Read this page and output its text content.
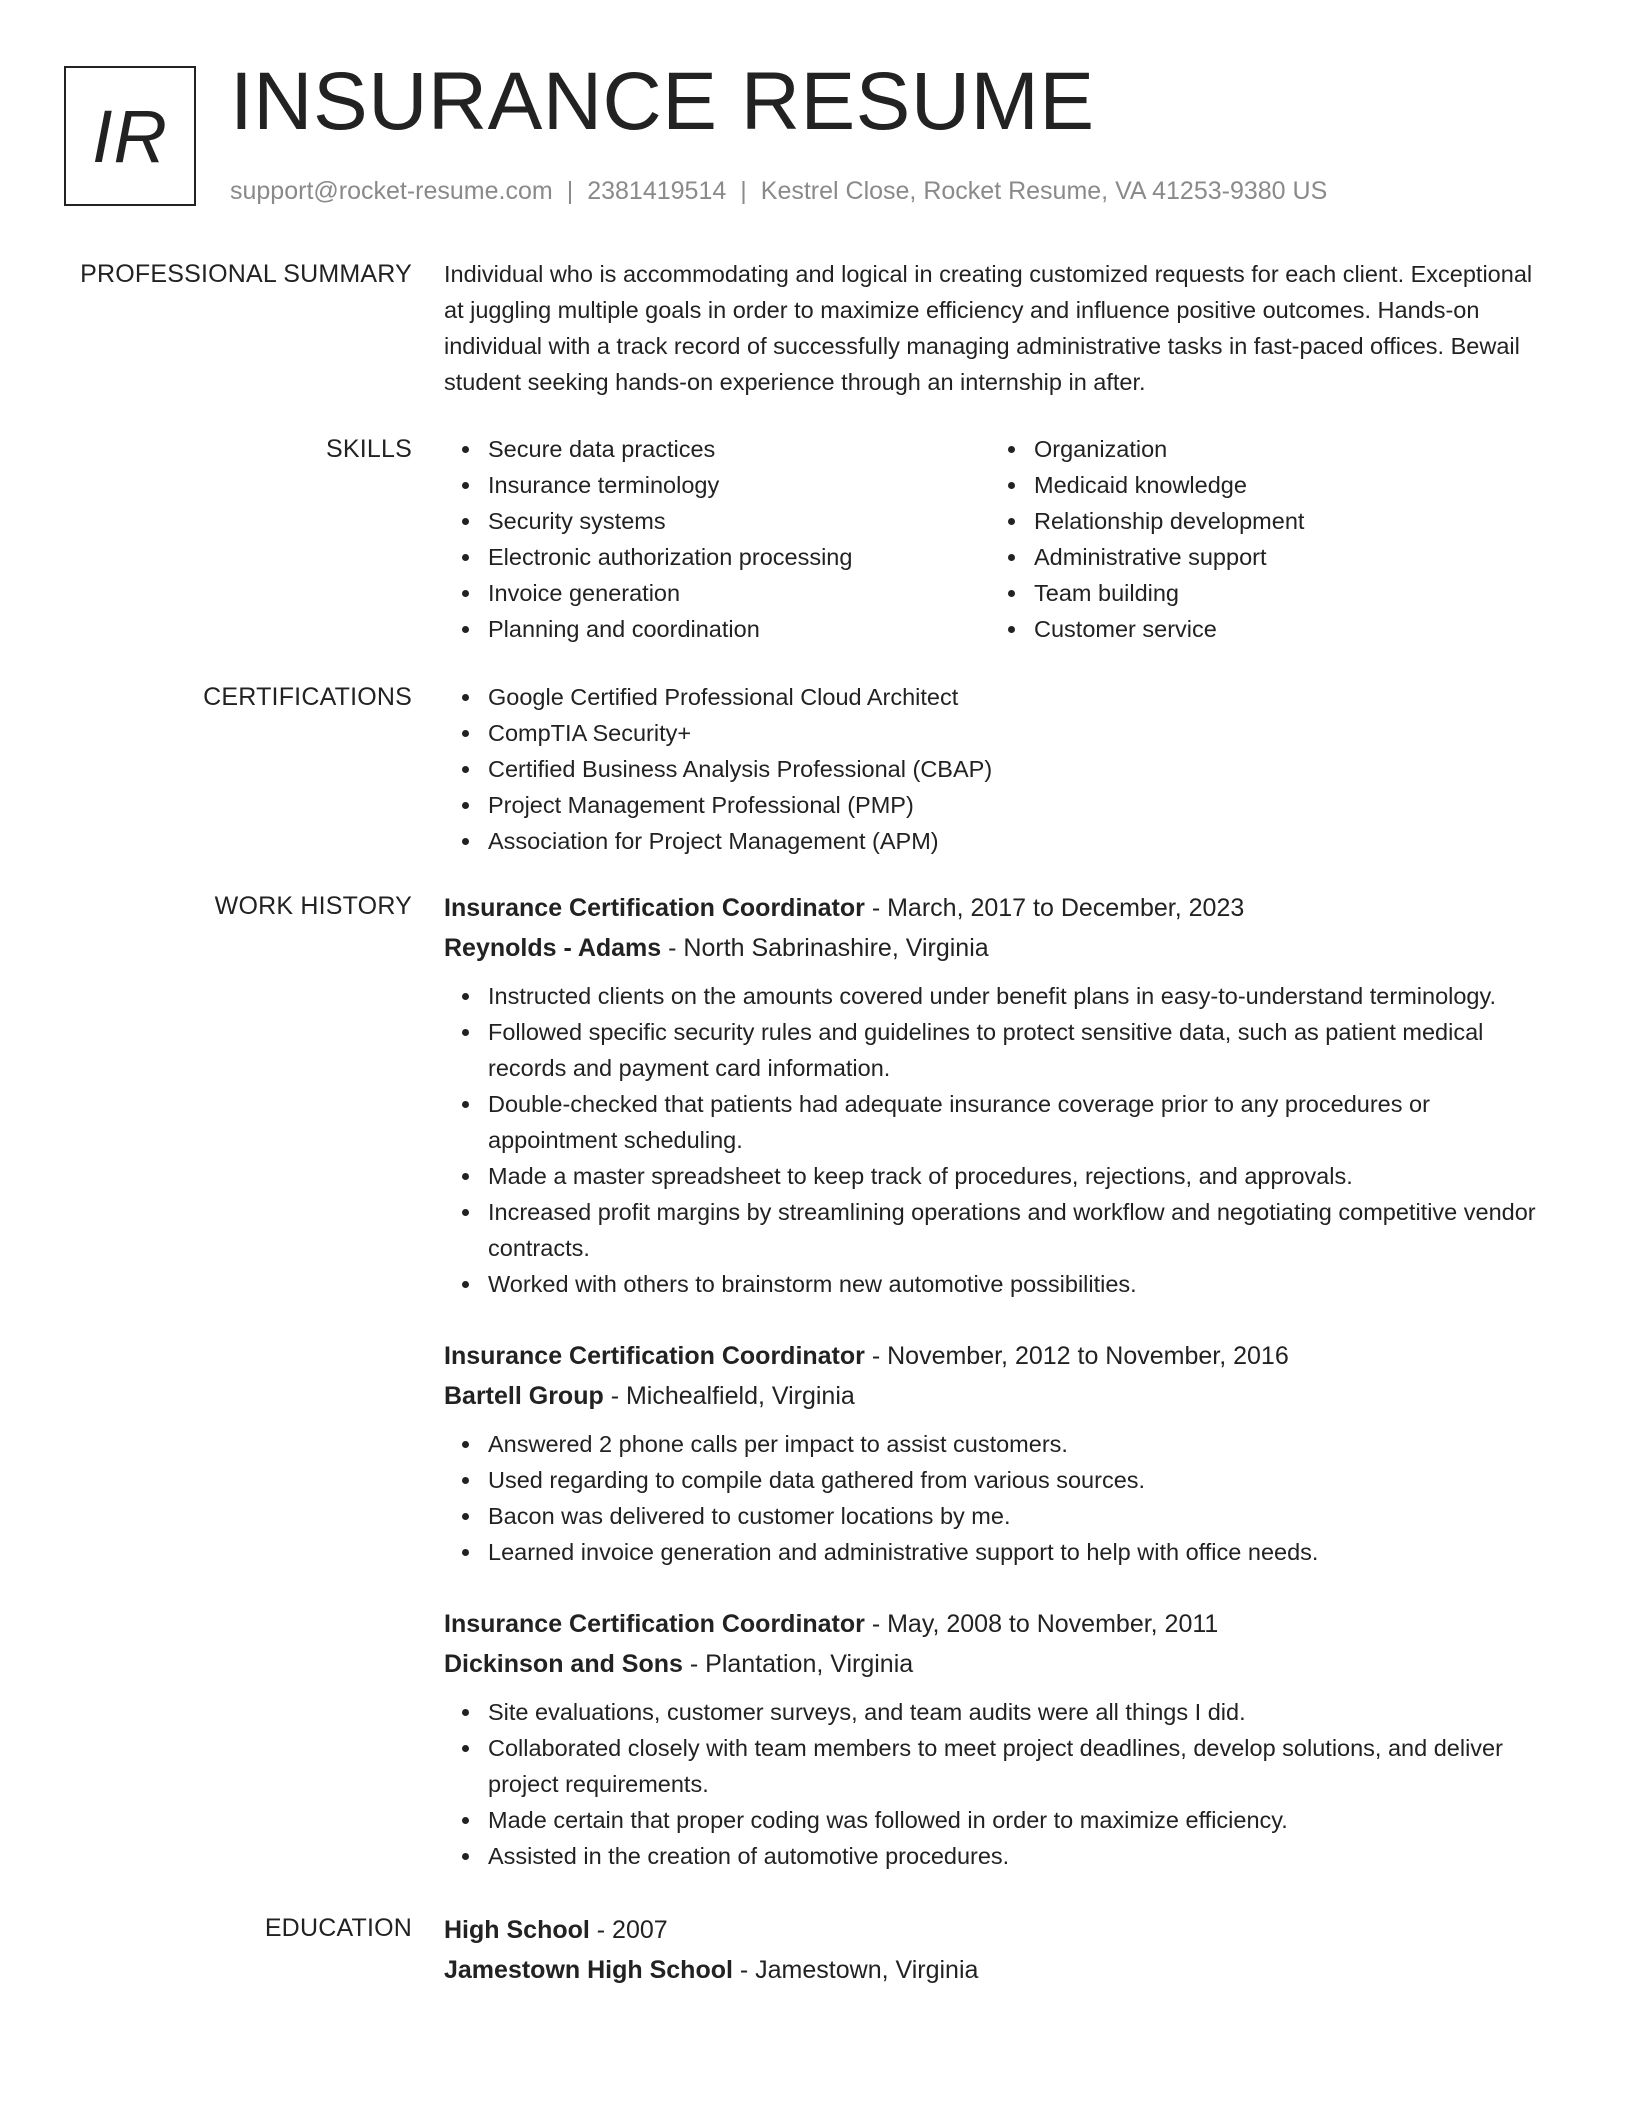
IR INSURANCE RESUME
support@rocket-resume.com | 2381419514 | Kestrel Close, Rocket Resume, VA 41253-9380 US
PROFESSIONAL SUMMARY Individual who is accommodating and logical in creating customized requests for each client. Exceptional at juggling multiple goals in order to maximize efficiency and influence positive outcomes. Hands-on individual with a track record of successfully managing administrative tasks in fast-paced offices. Bewail student seeking hands-on experience through an internship in after.

SKILLS	Secure data practices
Insurance terminology
Security systems
Electronic authorization processing
Invoice generation
Planning and coordination
Organization
Medicaid knowledge
Relationship development
Administrative support
Team building
Customer service
CERTIFICATIONS	Google Certified Professional Cloud Architect
CompTIA Security+
Certified Business Analysis Professional (CBAP)
Project Management Professional (PMP)
Association for Project Management (APM)
WORK HISTORY Insurance Certification Coordinator - March, 2017 to December, 2023
Reynolds - Adams - North Sabrinashire, Virginia
Instructed clients on the amounts covered under benefit plans in easy-to-understand terminology.
Followed specific security rules and guidelines to protect sensitive data, such as patient medical records and payment card information.
Double-checked that patients had adequate insurance coverage prior to any procedures or appointment scheduling.
Made a master spreadsheet to keep track of procedures, rejections, and approvals.
Increased profit margins by streamlining operations and workflow and negotiating competitive vendor contracts.
Worked with others to brainstorm new automotive possibilities.
Insurance Certification Coordinator - November, 2012 to November, 2016
Bartell Group - Michealfield, Virginia
Answered 2 phone calls per impact to assist customers.
Used regarding to compile data gathered from various sources.
Bacon was delivered to customer locations by me.
Learned invoice generation and administrative support to help with office needs.
Insurance Certification Coordinator - May, 2008 to November, 2011
Dickinson and Sons - Plantation, Virginia
Site evaluations, customer surveys, and team audits were all things I did.
Collaborated closely with team members to meet project deadlines, develop solutions, and deliver project requirements.
Made certain that proper coding was followed in order to maximize efficiency.
Assisted in the creation of automotive procedures.
EDUCATION High School - 2007
Jamestown High School - Jamestown, Virginia
